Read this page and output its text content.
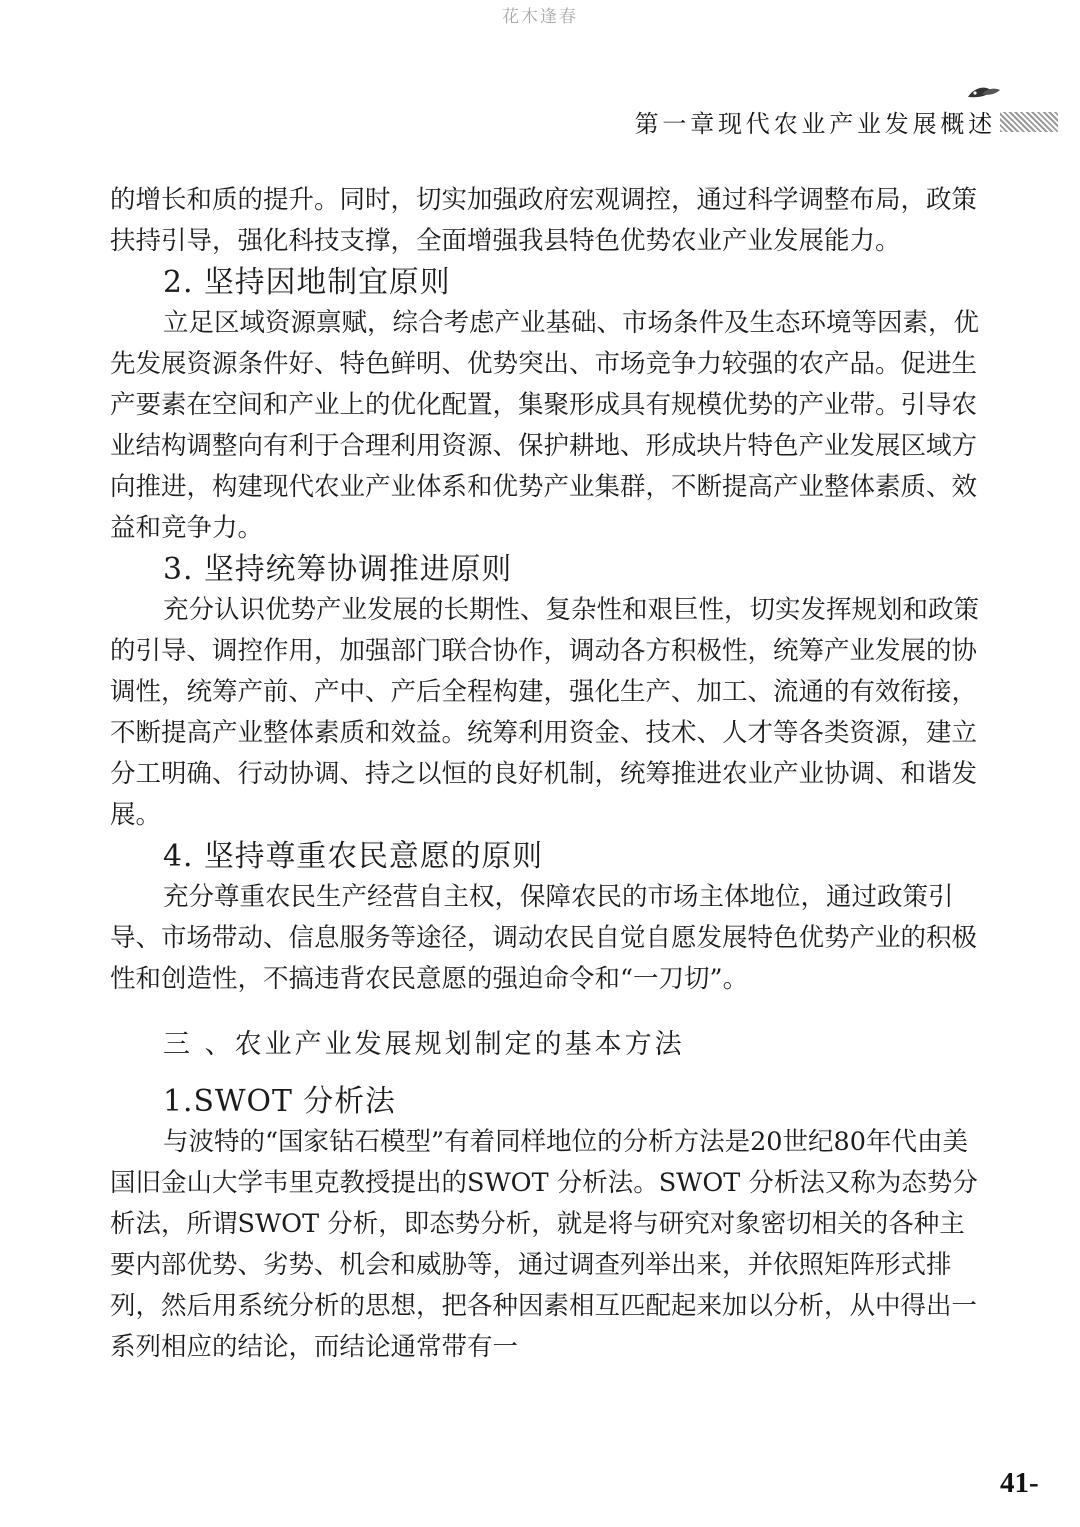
花木逢春
第一章现代农业产业发展概述

的增长和质的提升。同时，切实加强政府宏观调控，通过科学调整布局，政策扶持引导，强化科技支撑，全面增强我县特色优势农业产业发展能力。

2. 坚持因地制宜原则

立足区域资源禀赋，综合考虑产业基础、市场条件及生态环境等因素，优先发展资源条件好、特色鲜明、优势突出、市场竞争力较强的农产品。促进生产要素在空间和产业上的优化配置，集聚形成具有规模优势的产业带。引导农业结构调整向有利于合理利用资源、保护耕地、形成块片特色产业发展区域方向推进，构建现代农业产业体系和优势产业集群，不断提高产业整体素质、效益和竞争力。

3. 坚持统筹协调推进原则

充分认识优势产业发展的长期性、复杂性和艰巨性，切实发挥规划和政策的引导、调控作用，加强部门联合协作，调动各方积极性，统筹产业发展的协调性，统筹产前、产中、产后全程构建，强化生产、加工、流通的有效衔接，不断提高产业整体素质和效益。统筹利用资金、技术、人才等各类资源，建立分工明确、行动协调、持之以恒的良好机制，统筹推进农业产业协调、和谐发展。

4. 坚持尊重农民意愿的原则

充分尊重农民生产经营自主权，保障农民的市场主体地位，通过政策引导、市场带动、信息服务等途径，调动农民自觉自愿发展特色优势产业的积极性和创造性，不搞违背农民意愿的强迫命令和“一刀切”。

三 、农业产业发展规划制定的基本方法
1.SWOT 分析法

与波特的“国家钻石模型”有着同样地位的分析方法是20世纪80年代由美国旧金山大学韦里克教授提出的SWOT 分析法。SWOT 分析法又称为态势分析法，所谓SWOT 分析，即态势分析，就是将与研究对象密切相关的各种主要内部优势、劣势、机会和威胁等，通过调查列举出来，并依照矩阵形式排列，然后用系统分析的思想，把各种因素相互匹配起来加以分析，从中得出一系列相应的结论，而结论通常带有一

41-
